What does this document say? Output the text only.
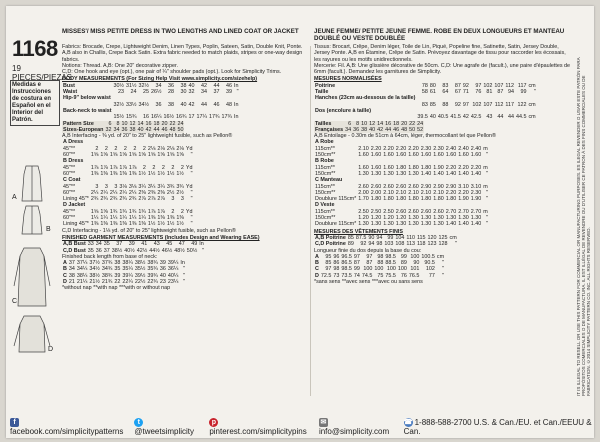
1168
19 PIECES/PIEZAS
Medidas e Instrucciones de costura en Español en el Interior del Patrón.
A
B
C
D
MISSES'/ MISS PETITE DRESS IN TWO LENGTHS AND LINED COAT OR JACKET JEUNE FEMME/ PETITE JEUNE FEMME. ROBE EN DEUX LONGUEURS ET MANTEAU DOUBLÉ OU VESTE DOUBLÉE
Fabrics: Brocade, Crepe, Lightweight Denim, Linen Types, Poplin, Sateen, Satin, Double Knit, Ponte. A,B also in Challis, Crepe Back Satin. Extra fabric needed to match plaids, stripes or one-way design fabrics.
Notions: Thread. A,B: One 20" decorative zipper.
C,D: One hook and eye (opt.), one pair of ¼" shoulder pads (opt.). Look for Simplicity Trims.
BODY MEASUREMENTS (For Sizing Help Visit www.simplicity.com/sizehelp)
Bust	30½	31½	32½	34	36	38	40	42	44	46	In
Waist	23	24	25	26½	28	30	32	34	37	39	"
Hip-9" below waist											
	32½	33½	34½	36	38	40	42	44	46	48	In
Back-neck to waist											
	15½	15¾	16	16¼	16½	16¾	17	17¼	17¾	17¾	In
Pattern Size	6	8	10	12	14	16	18	20	22	24
Sizes-European	32	34	36	38	40	42	44	46	48	50
A,B Interfacing - ⅜ yd. of 20" to 25" lightweight fusible, such as Pellon®
A Dress											
45"**	2	2	2	2	2	2	2⅛	2⅛	2⅛	2⅛	Yd
60"**	1⅝	1⅝	1⅝	1⅝	1⅝	1⅝	1⅝	1⅝	1⅝	1⅝	"
B Dress											
45"**	1⅞	1⅞	1⅞	1⅞	1⅞	2	2	2	2	2	Yd
60"**	1⅜	1⅜	1⅜	1⅜	1⅜	1½	1½	1½	1½	1½	"
C Coat											
45"**	3	3	3	3⅛	3⅛	3¼	3¼	3¼	3¾	3¾	Yd
60"**	2¼	2¼	2¼	2¼	2¼	2⅜	2⅜	2⅜	2½	2½	"
Lining 45"*	2¾	2¾	2¾	2¾	2¾	2⅞	2⅞	2⅞	3	3	"
D Jacket											
45"**	1⅝	1⅝	1¾	1¾	1¾	1¾	1⅞	1⅞	2	2	Yd
60"**	1¼	1¼	1¼	1¼	1¼	1¼	1⅜	1⅜	1⅜	1⅜	"
Lining 45"*	1⅜	1⅜	1⅜	1⅜	1⅜	1⅜	1½	1½	1½	1½	"
C,D Interfacing - 1⅛ yd. of 20" to 25" lightweight fusible, such as Pellon®
FINISHED GARMENT MEASUREMENTS (Includes Design and Wearing EASE)
A,B Bust	33	34	35	37	39	41	43	45	47	49	In
C,D Bust	35	36	37	38½	40½	42½	44½	46½	48½	50½	"
Finished back length from base of neck:
A	37	37¼	37½	37¾	38	38¼	38½	38¾	39	39¼	In
B	34	34¼	34½	34¾	35	35¼	35½	35¾	36	36¼	"
C	38	38¼	38½	38¾	39	39¼	39½	39¾	40	40¼	"
D	21	21¼	21½	21¾	22	22¼	22½	22¾	23	23¼	"
*without nap **with nap ***with or without nap
Tissus: Brocart, Crêpe, Denim léger, Toile de Lin, Piqué, Popeline fine, Satinette, Satin, Jersey Double, Jersey Ponte. A,B en Étamine, Crêpe de Satin. Prévoyez davantage de tissu pour raccorder les écossais, les rayures ou les motifs unidirectionnels.
Mercerie: Fil. A,B: Une glissière décorative de 50cm. C,D: Une agrafe de (facult.), une paire d'épaulettes de 6mm (facult.). Demandez les garnitures de Simplicity.
MESURES NORMALISÉES
Poitrine	78	80	83	87	92	97	102	107	112	117	cm
Taille	58	61	64	67	71	76	81	87	94	99	"
Hanches (23cm au-dessous de la taille)											
	83	85	88	92	97	102	107	112	117	122	cm
Dos (encolure à taille)											
	39.5	40	40.5	41.5	42	42.5	43	44	44	44.5	cm
Tailles	6	8	10	12	14	16	18	20	22	24
Françaises	34	36	38	40	42	44	46	48	50	52
A,B Entoilage - 0.30m de 51cm à 64cm, léger, thermocollant tel que Pellon®
A Robe											
115cm**	2.10	2.20	2.20	2.20	2.20	2.30	2.30	2.40	2.40	2.40	m
150cm**	1.60	1.60	1.60	1.60	1.60	1.60	1.60	1.60	1.60	1.60	"
B Robe											
115cm**	1.60	1.60	1.60	1.80	1.80	1.80	1.90	2.20	2.20	2.20	m
150cm**	1.30	1.30	1.30	1.30	1.30	1.40	1.40	1.40	1.40	1.40	"
C Manteau											
115cm**	2.60	2.60	2.60	2.60	2.60	2.90	2.90	2.90	3.10	3.10	m
150cm**	2.00	2.00	2.10	2.10	2.10	2.10	2.10	2.20	2.20	2.30	"
Doublure 115cm*	1.70	1.80	1.80	1.80	1.80	1.80	1.80	1.80	1.90	1.90	"
D Veste											
115cm**	2.50	2.50	2.50	2.60	2.60	2.60	2.60	2.70	2.70	2.70	m
150cm**	1.20	1.20	1.20	1.20	1.30	1.30	1.30	1.30	1.30	1.30	"
Doublure 115cm*	1.30	1.30	1.30	1.30	1.30	1.30	1.30	1.40	1.40	1.40	"
MESURES DES VÊTEMENTS FINIS
A,B Poitrine	85	87.5	90	94	99	104	110	115	120	125	cm
C,D Poitrine	89	92	94	98	103	108	113	118	123	128	"
Longueur finie du dos depuis la base du cou:
A	95	96	96.5	97	97	98	98.5	99	100	100.5	cm
B	85	86	86.5	87	87	88	88.5	89	90	90.5	"
C	97	98	98.5	99	100	100	100	100	101	102	"
D	72.5	73	73.5	74	74.5	75	75.5	76	76.5	77	"
*sans sens **avec sens ***avec ou sans sens	IT IS ILLEGAL TO RESELL OR USE THIS PATTERN FOR COMMERCIAL OR MANUFACTURING PURPOSES. ES ILEGAL REVENDER O USAR ESTE PATRÓN PARA PROPÓSITOS COMERCIALES O DE MANUFACTURA. IL EST ILLÉGAL DE REVENDRE OU D'UTILISER CE PATRON À DES FINS COMMERCIALES OU DE FABRICATION. ©2014 SIMPLICITY PATTERN CO. INC. ALL RIGHTS RESERVED.
ffacebook.com/simplicitypatterns
t@tweetsimplicity
ppinterest.com/simplicitypins
✉info@simplicity.com
☎ 1-888-588-2700 U.S. & Can./EU. et Can./EEUU & Can.
